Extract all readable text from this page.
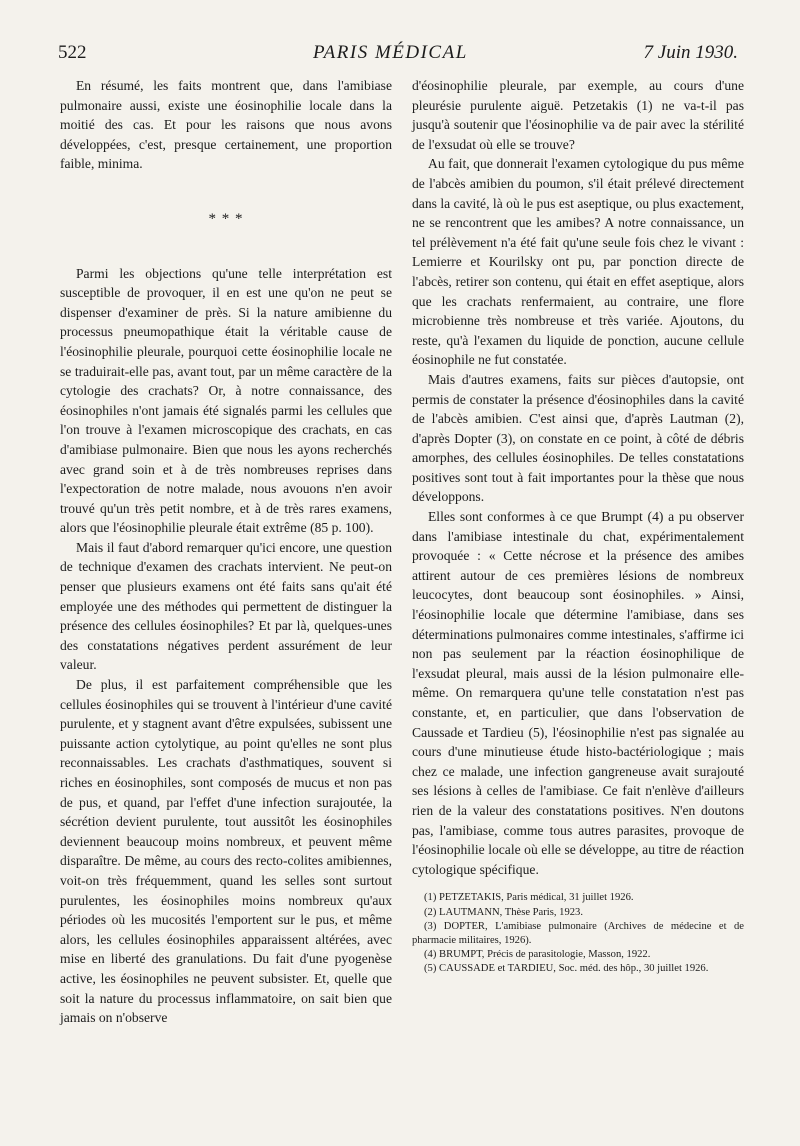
522	PARIS MÉDICAL	7 Juin 1930.

En résumé, les faits montrent que, dans l'amibiase pulmonaire aussi, existe une éosinophilie locale dans la moitié des cas. Et pour les raisons que nous avons développées, c'est, presque certainement, une proportion faible, minima.

* * *

Parmi les objections qu'une telle interprétation est susceptible de provoquer, il en est une qu'on ne peut se dispenser d'examiner de près. Si la nature amibienne du processus pneumopathique était la véritable cause de l'éosinophilie pleurale, pourquoi cette éosinophilie locale ne se traduirait-elle pas, avant tout, par un même caractère de la cytologie des crachats? Or, à notre connaissance, des éosinophiles n'ont jamais été signalés parmi les cellules que l'on trouve à l'examen microscopique des crachats, en cas d'amibiase pulmonaire. Bien que nous les ayons recherchés avec grand soin et à de très nombreuses reprises dans l'expectoration de notre malade, nous avouons n'en avoir trouvé qu'un très petit nombre, et à de très rares examens, alors que l'éosinophilie pleurale était extrême (85 p. 100).

Mais il faut d'abord remarquer qu'ici encore, une question de technique d'examen des crachats intervient. Ne peut-on penser que plusieurs examens ont été faits sans qu'ait été employée une des méthodes qui permettent de distinguer la présence des cellules éosinophiles? Et par là, quelques-unes des constatations négatives perdent assurément de leur valeur.

De plus, il est parfaitement compréhensible que les cellules éosinophiles qui se trouvent à l'intérieur d'une cavité purulente, et y stagnent avant d'être expulsées, subissent une puissante action cytolytique, au point qu'elles ne sont plus reconnaissables. Les crachats d'asthmatiques, souvent si riches en éosinophiles, sont composés de mucus et non pas de pus, et quand, par l'effet d'une infection surajoutée, la sécrétion devient purulente, tout aussitôt les éosinophiles deviennent beaucoup moins nombreux, et peuvent même disparaître. De même, au cours des recto-colites amibiennes, voit-on très fréquemment, quand les selles sont surtout purulentes, les éosinophiles moins nombreux qu'aux périodes où les mucosités l'emportent sur le pus, et même alors, les cellules éosinophiles apparaissent altérées, avec mise en liberté des granulations. Du fait d'une pyogenèse active, les éosinophiles ne peuvent subsister. Et, quelle que soit la nature du processus inflammatoire, on sait bien que jamais on n'observe

d'éosinophilie pleurale, par exemple, au cours d'une pleurésie purulente aiguë. Petzetakis (1) ne va-t-il pas jusqu'à soutenir que l'éosinophilie va de pair avec la stérilité de l'exsudat où elle se trouve?

Au fait, que donnerait l'examen cytologique du pus même de l'abcès amibien du poumon, s'il était prélevé directement dans la cavité, là où le pus est aseptique, ou plus exactement, ne se rencontrent que les amibes? A notre connaissance, un tel prélèvement n'a été fait qu'une seule fois chez le vivant : Lemierre et Kourilsky ont pu, par ponction directe de l'abcès, retirer son contenu, qui était en effet aseptique, alors que les crachats renfermaient, au contraire, une flore microbienne très nombreuse et très variée. Ajoutons, du reste, qu'à l'examen du liquide de ponction, aucune cellule éosinophile ne fut constatée.

Mais d'autres examens, faits sur pièces d'autopsie, ont permis de constater la présence d'éosinophiles dans la cavité de l'abcès amibien. C'est ainsi que, d'après Lautman (2), d'après Dopter (3), on constate en ce point, à côté de débris amorphes, des cellules éosinophiles. De telles constatations positives sont tout à fait importantes pour la thèse que nous développons.

Elles sont conformes à ce que Brumpt (4) a pu observer dans l'amibiase intestinale du chat, expérimentalement provoquée : « Cette nécrose et la présence des amibes attirent autour de ces premières lésions de nombreux leucocytes, dont beaucoup sont éosinophiles. » Ainsi, l'éosinophilie locale que détermine l'amibiase, dans ses déterminations pulmonaires comme intestinales, s'affirme ici non pas seulement par la réaction éosinophilique de l'exsudat pleural, mais aussi de la lésion pulmonaire elle-même. On remarquera qu'une telle constatation n'est pas constante, et, en particulier, que dans l'observation de Caussade et Tardieu (5), l'éosinophilie n'est pas signalée au cours d'une minutieuse étude histo-bactériologique ; mais chez ce malade, une infection gangreneuse avait surajouté ses lésions à celles de l'amibiase. Ce fait n'enlève d'ailleurs rien de la valeur des constatations positives. N'en doutons pas, l'amibiase, comme tous autres parasites, provoque de l'éosinophilie locale où elle se développe, au titre de réaction cytologique spécifique.

(1) PETZETAKIS, Paris médical, 31 juillet 1926.

(2) LAUTMANN, Thèse Paris, 1923.

(3) DOPTER, L'amibiase pulmonaire (Archives de médecine et de pharmacie militaires, 1926).

(4) BRUMPT, Précis de parasitologie, Masson, 1922.

(5) CAUSSADE et TARDIEU, Soc. méd. des hôp., 30 juillet 1926.
